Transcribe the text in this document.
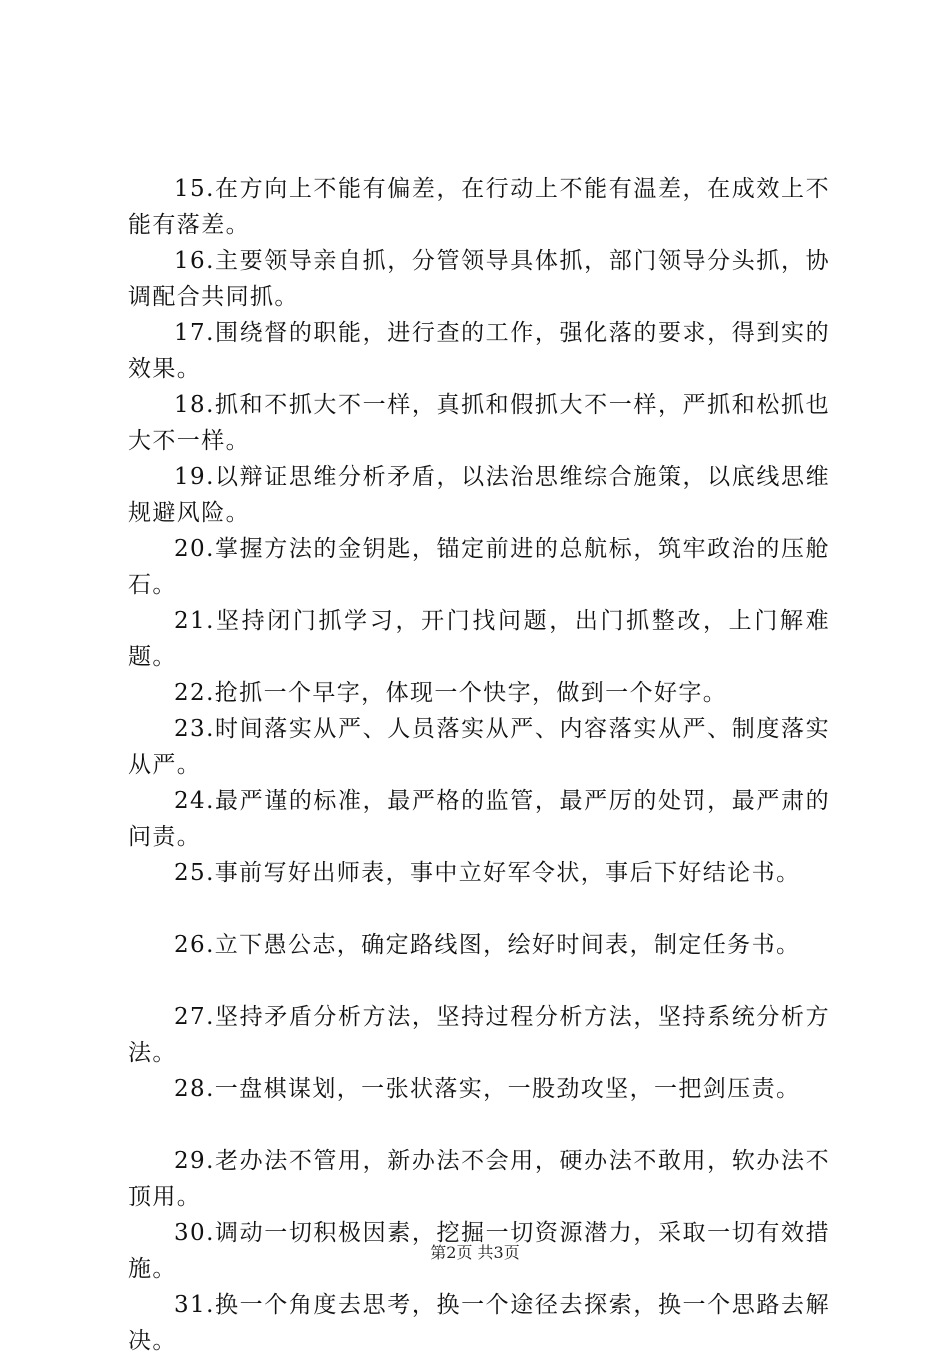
15.在方向上不能有偏差，在行动上不能有温差，在成效上不能有落差。

16.主要领导亲自抓，分管领导具体抓，部门领导分头抓，协调配合共同抓。

17.围绕督的职能，进行查的工作，强化落的要求，得到实的效果。

18.抓和不抓大不一样，真抓和假抓大不一样，严抓和松抓也大不一样。

19.以辩证思维分析矛盾，以法治思维综合施策，以底线思维规避风险。

20.掌握方法的金钥匙，锚定前进的总航标，筑牢政治的压舱石。

21.坚持闭门抓学习，开门找问题，出门抓整改，上门解难题。

22.抢抓一个早字，体现一个快字，做到一个好字。

23.时间落实从严、人员落实从严、内容落实从严、制度落实从严。

24.最严谨的标准，最严格的监管，最严厉的处罚，最严肃的问责。

25.事前写好出师表，事中立好军令状，事后下好结论书。

26.立下愚公志，确定路线图，绘好时间表，制定任务书。

27.坚持矛盾分析方法，坚持过程分析方法，坚持系统分析方法。

28.一盘棋谋划，一张状落实，一股劲攻坚，一把剑压责。

29.老办法不管用，新办法不会用，硬办法不敢用，软办法不顶用。

30.调动一切积极因素，挖掘一切资源潜力，采取一切有效措施。

31.换一个角度去思考，换一个途径去探索，换一个思路去解决。

第2页 共3页
